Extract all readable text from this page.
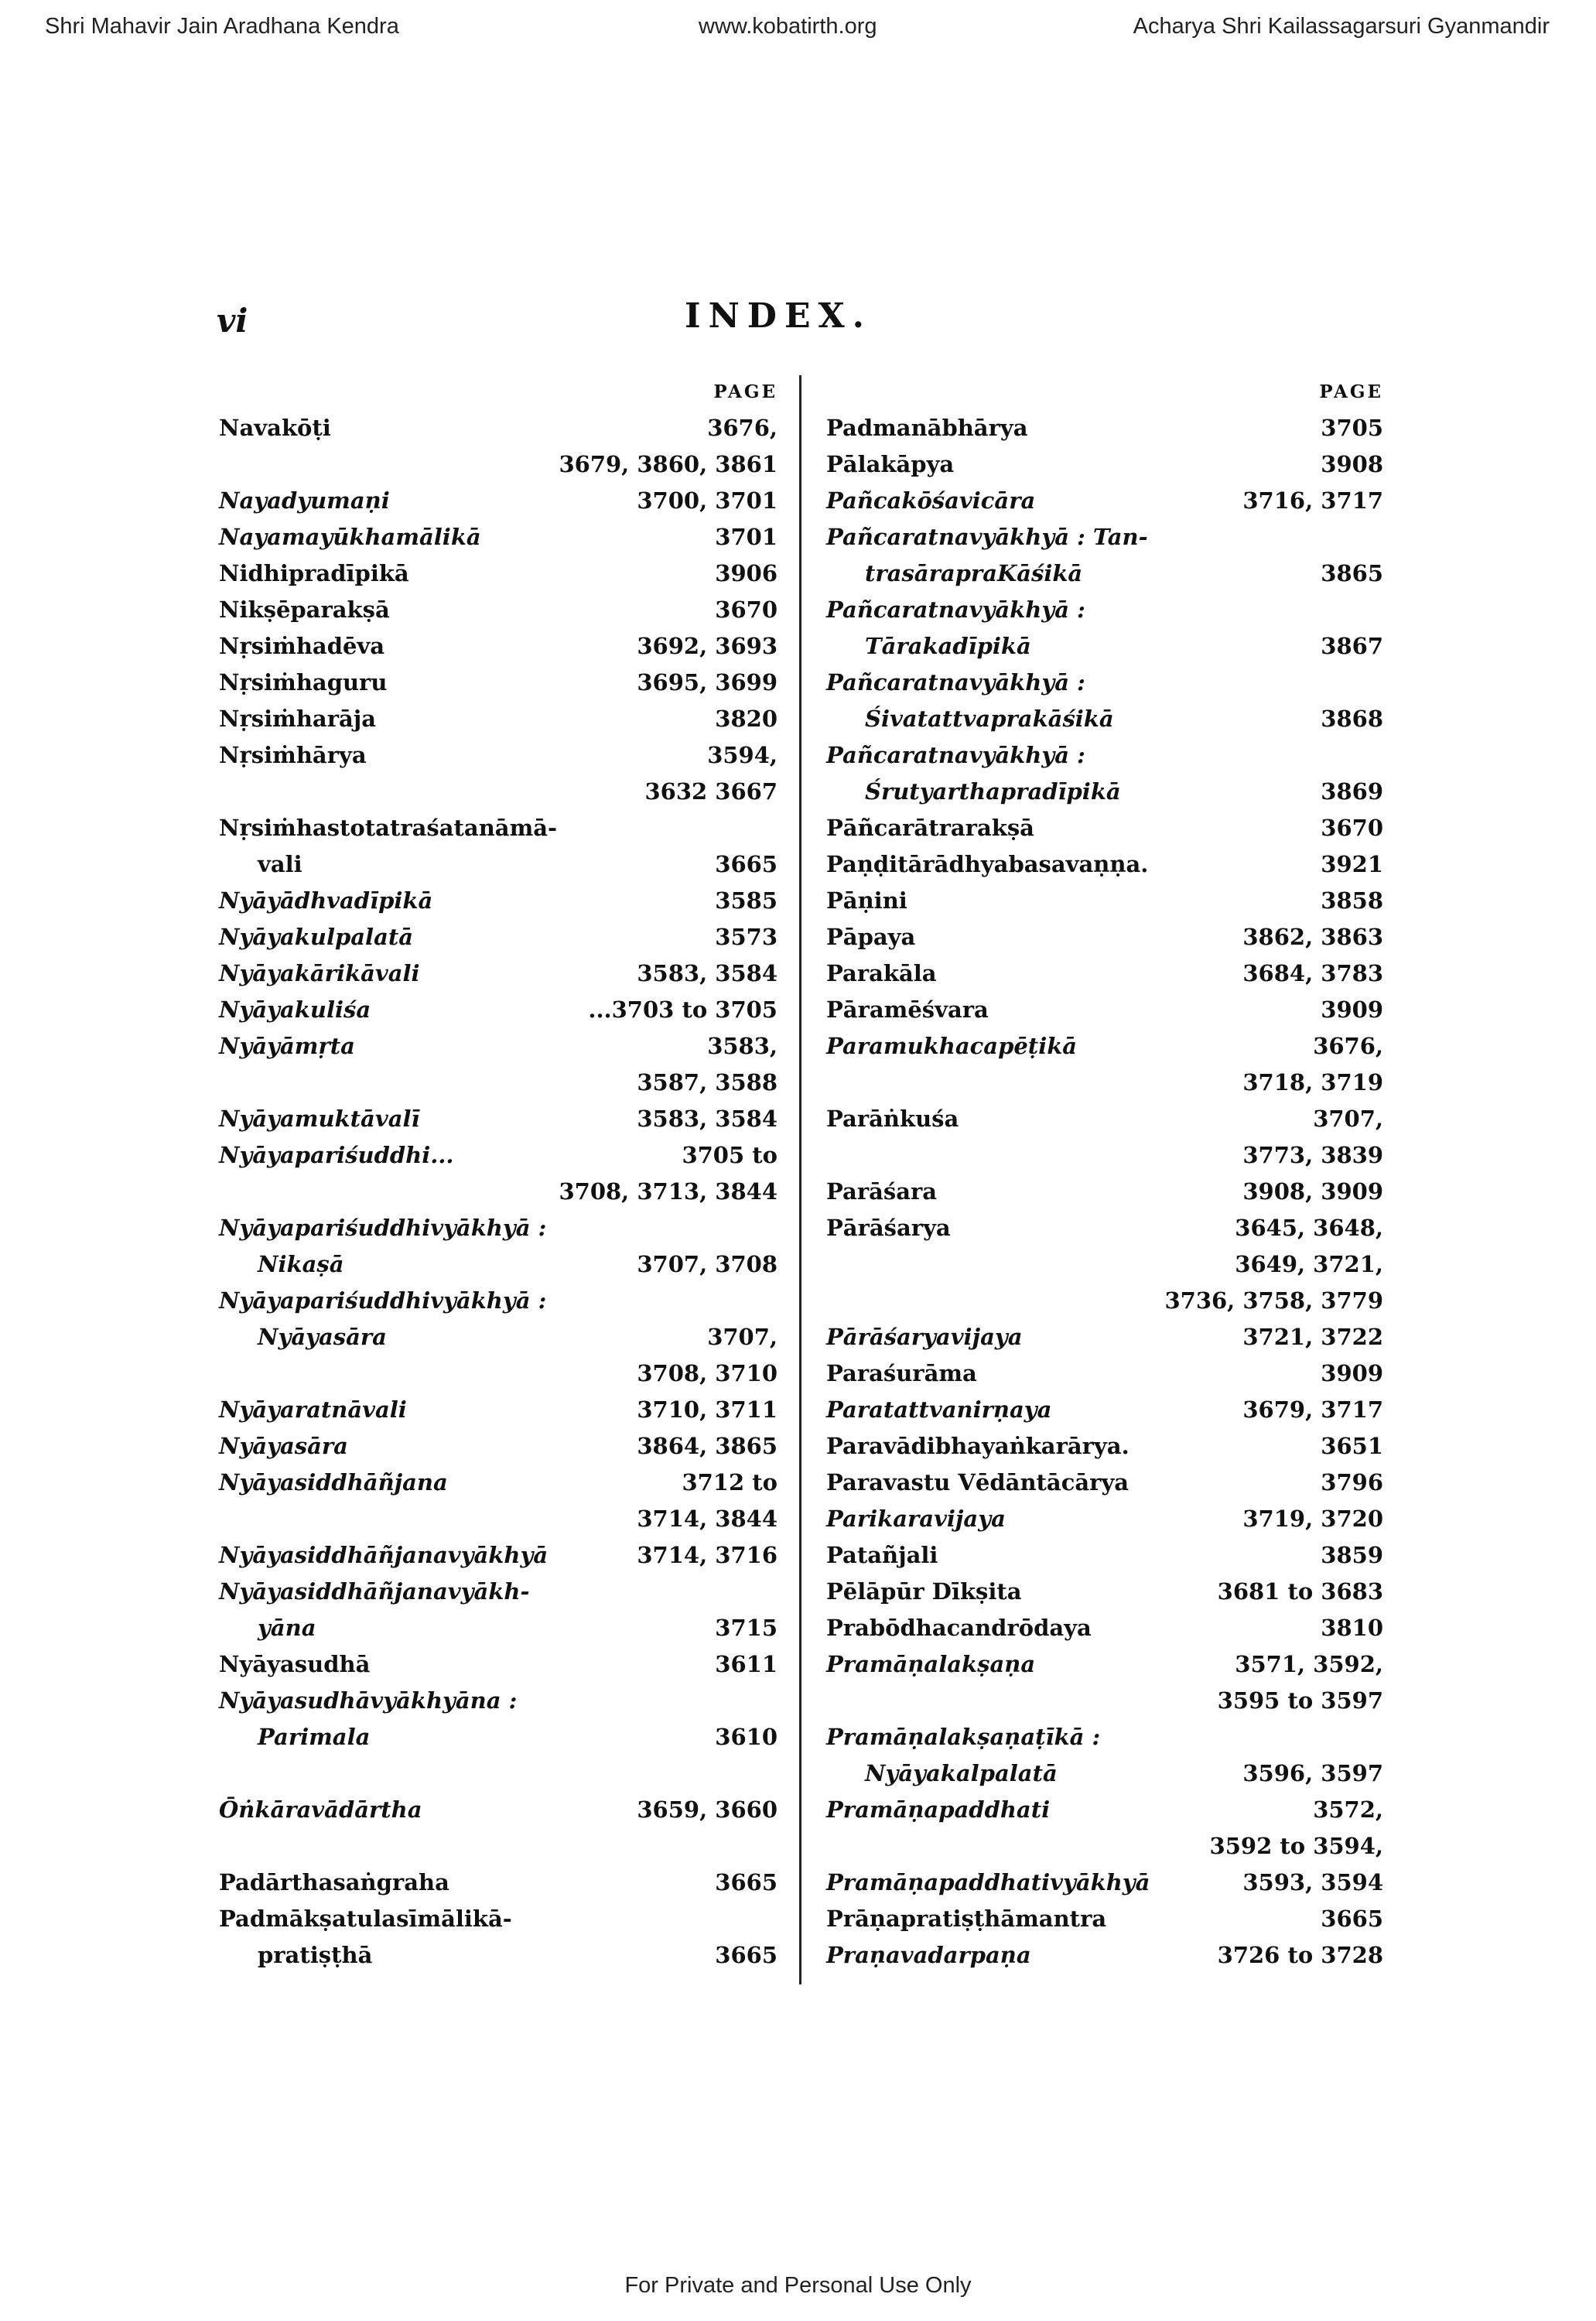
Shri Mahavir Jain Aradhana Kendra	www.kobatirth.org	Acharya Shri Kailassagarsuri Gyanmandir
vi	INDEX.
PAGE
Navakōṭi	3676,
3679, 3860, 3861
Nayadyumaṇi	3700, 3701
Nayamayūkhamālikā	3701
Nidhipradīpikā	3906
Nikṣēparakṣā	3670
Nṛsiṁhadēva	3692, 3693
Nṛsiṁhaguru	3695, 3699
Nṛsiṁharāja	3820
Nṛsiṁhārya	3594,
3632 3667
Nṛsiṁhastotatraśatanāmā-
vali	3665
Nyāyādhvadīpikā	3585
Nyāyakulpalatā	3573
Nyāyakārikāvali	3583, 3584
Nyāyakuliśa	...3703 to 3705
Nyāyāmṛta	3583,
3587, 3588
Nyāyamuktāvalī	3583, 3584
Nyāyapariśuddhi...	3705 to
3708, 3713, 3844
Nyāyapariśuddhivyākhyā :
Nikaṣā	3707, 3708
Nyāyapariśuddhivyākhyā :
Nyāyasāra	3707,
3708, 3710
Nyāyaratnāvali	3710, 3711
Nyāyasāra	3864, 3865
Nyāyasiddhāñjana	3712 to
3714, 3844
Nyāyasiddhāñjanavyākhyā	3714, 3716
Nyāyasiddhāñjanavyākh-
yāna	3715
Nyāyasudhā	3611
Nyāyasudhāvyākhyāna :
Parimala	3610
Ōṅkāravādārtha	3659, 3660
Padārthasaṅgraha	3665
Padmākṣatulasīmālikā-
pratiṣṭhā	3665
PAGE
Padmanābhārya	3705
Pālakāpya	3908
Pañcakōśavicāra	3716, 3717
Pañcaratnavyākhyā : Tan-
trasārapraKāśikā	3865
Pañcaratnavyākhyā :
Tārakadīpikā	3867
Pañcaratnavyākhyā :
Śivatattvaprakāśikā	3868
Pañcaratnavyākhyā :
Śrutyarthapradīpikā	3869
Pāñcarātrarakṣā	3670
Paṇḍitārādhyabasavaṇṇa.	3921
Pāṇini	3858
Pāpaya	3862, 3863
Parakāla	3684, 3783
Pāramēśvara	3909
Paramukhacapēṭikā	3676,
3718, 3719
Parāṅkuśa	3707,
3773, 3839
Parāśara	3908, 3909
Pārāśarya	3645, 3648,
3649, 3721,
3736, 3758, 3779
Pārāśaryavijaya	3721, 3722
Paraśurāma	3909
Paratattvanirṇaya	3679, 3717
Paravādibhayaṅkarārya.	3651
Paravastu Vēdāntācārya	3796
Parikaravijaya	3719, 3720
Patañjali	3859
Pēlāpūr Dīkṣita	3681 to 3683
Prabōdhacandrōdaya	3810
Pramāṇalakṣaṇa	3571, 3592,
3595 to 3597
Pramāṇalakṣaṇaṭīkā :
Nyāyakalpalatā	3596, 3597
Pramāṇapaddhati	3572,
3592 to 3594,
Pramāṇapaddhativyākhyā	3593, 3594
Prāṇapratiṣṭhāmantra	3665
Praṇavadarpaṇa	3726 to 3728
For Private and Personal Use Only
